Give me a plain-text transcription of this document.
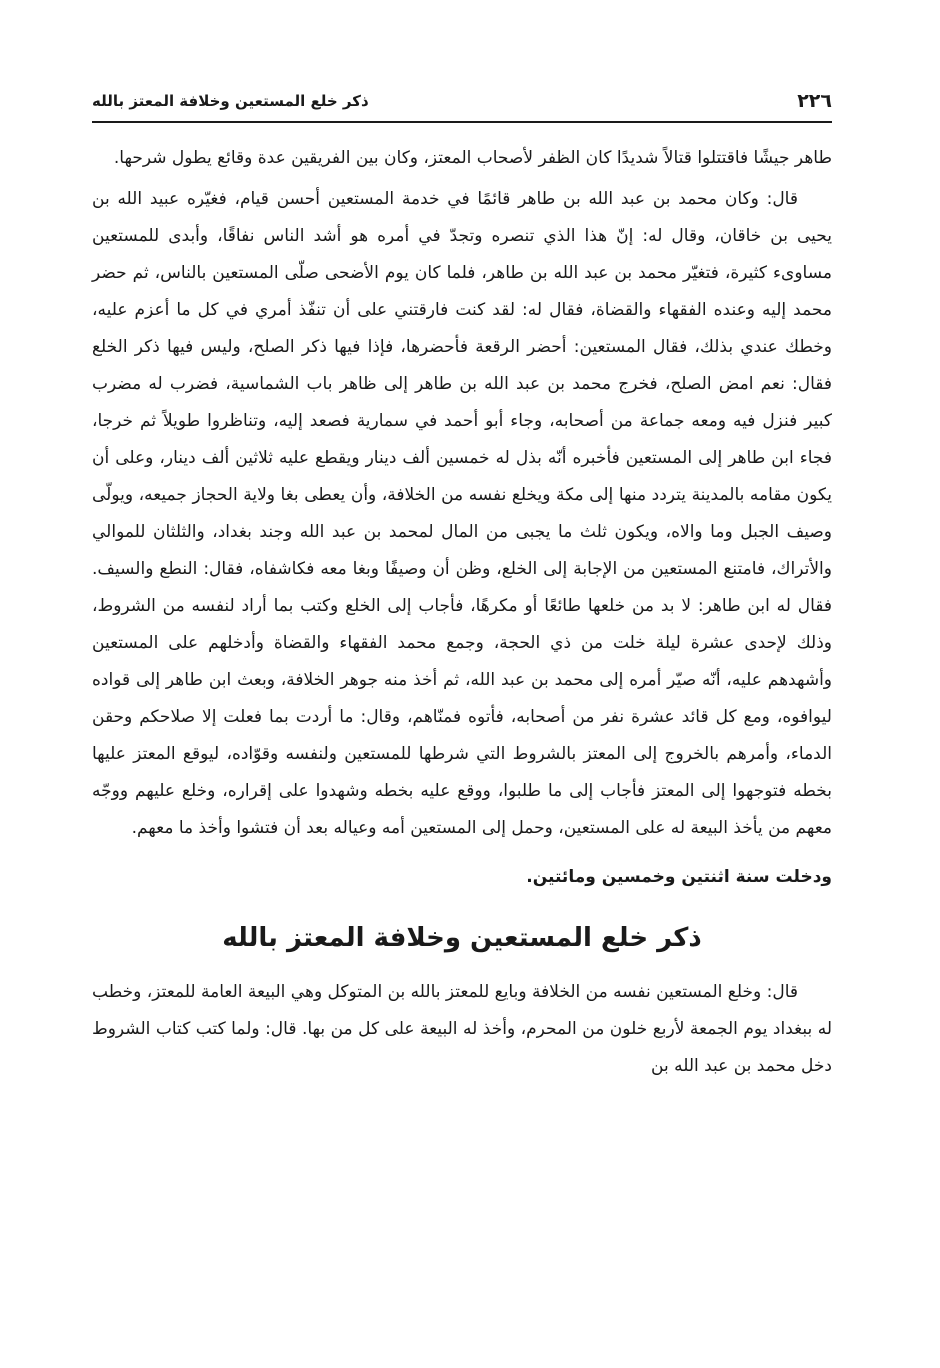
٢٢٦
ذكر خلع المستعين وخلافة المعتز بالله

طاهر جيشًا فاقتتلوا قتالاً شديدًا كان الظفر لأصحاب المعتز، وكان بين الفريقين عدة وقائع يطول شرحها.

قال: وكان محمد بن عبد الله بن طاهر قائمًا في خدمة المستعين أحسن قيام، فغيّره عبيد الله بن يحيى بن خاقان، وقال له: إنّ هذا الذي تنصره وتجدّ في أمره هو أشد الناس نفاقًا، وأبدى للمستعين مساوىء كثيرة، فتغيّر محمد بن عبد الله بن طاهر، فلما كان يوم الأضحى صلّى المستعين بالناس، ثم حضر محمد إليه وعنده الفقهاء والقضاة، فقال له: لقد كنت فارقتني على أن تنفّذ أمري في كل ما أعزم عليه، وخطك عندي بذلك، فقال المستعين: أحضر الرقعة فأحضرها، فإذا فيها ذكر الصلح، وليس فيها ذكر الخلع فقال: نعم امض الصلح، فخرج محمد بن عبد الله بن طاهر إلى ظاهر باب الشماسية، فضرب له مضرب كبير فنزل فيه ومعه جماعة من أصحابه، وجاء أبو أحمد في سمارية فصعد إليه، وتناظروا طويلاً ثم خرجا، فجاء ابن طاهر إلى المستعين فأخبره أنّه بذل له خمسين ألف دينار ويقطع عليه ثلاثين ألف دينار، وعلى أن يكون مقامه بالمدينة يتردد منها إلى مكة ويخلع نفسه من الخلافة، وأن يعطى بغا ولاية الحجاز جميعه، ويولّى وصيف الجبل وما والاه، ويكون ثلث ما يجبى من المال لمحمد بن عبد الله وجند بغداد، والثلثان للموالي والأتراك، فامتنع المستعين من الإجابة إلى الخلع، وظن أن وصيفًا وبغا معه فكاشفاه، فقال: النطع والسيف. فقال له ابن طاهر: لا بد من خلعها طائعًا أو مكرهًا، فأجاب إلى الخلع وكتب بما أراد لنفسه من الشروط، وذلك لإحدى عشرة ليلة خلت من ذي الحجة، وجمع محمد الفقهاء والقضاة وأدخلهم على المستعين وأشهدهم عليه، أنّه صيّر أمره إلى محمد بن عبد الله، ثم أخذ منه جوهر الخلافة، وبعث ابن طاهر إلى قواده ليوافوه، ومع كل قائد عشرة نفر من أصحابه، فأتوه فمنّاهم، وقال: ما أردت بما فعلت إلا صلاحكم وحقن الدماء، وأمرهم بالخروج إلى المعتز بالشروط التي شرطها للمستعين ولنفسه وقوّاده، ليوقع المعتز عليها بخطه فتوجهوا إلى المعتز فأجاب إلى ما طلبوا، ووقع عليه بخطه وشهدوا على إقراره، وخلع عليهم ووجّه معهم من يأخذ البيعة له على المستعين، وحمل إلى المستعين أمه وعياله بعد أن فتشوا وأخذ ما معهم.

ودخلت سنة اثنتين وخمسين ومائتين.

ذكر خلع المستعين وخلافة المعتز بالله

قال: وخلع المستعين نفسه من الخلافة وبايع للمعتز بالله بن المتوكل وهي البيعة العامة للمعتز، وخطب له ببغداد يوم الجمعة لأربع خلون من المحرم، وأخذ له البيعة على كل من بها. قال: ولما كتب كتاب الشروط دخل محمد بن عبد الله بن
